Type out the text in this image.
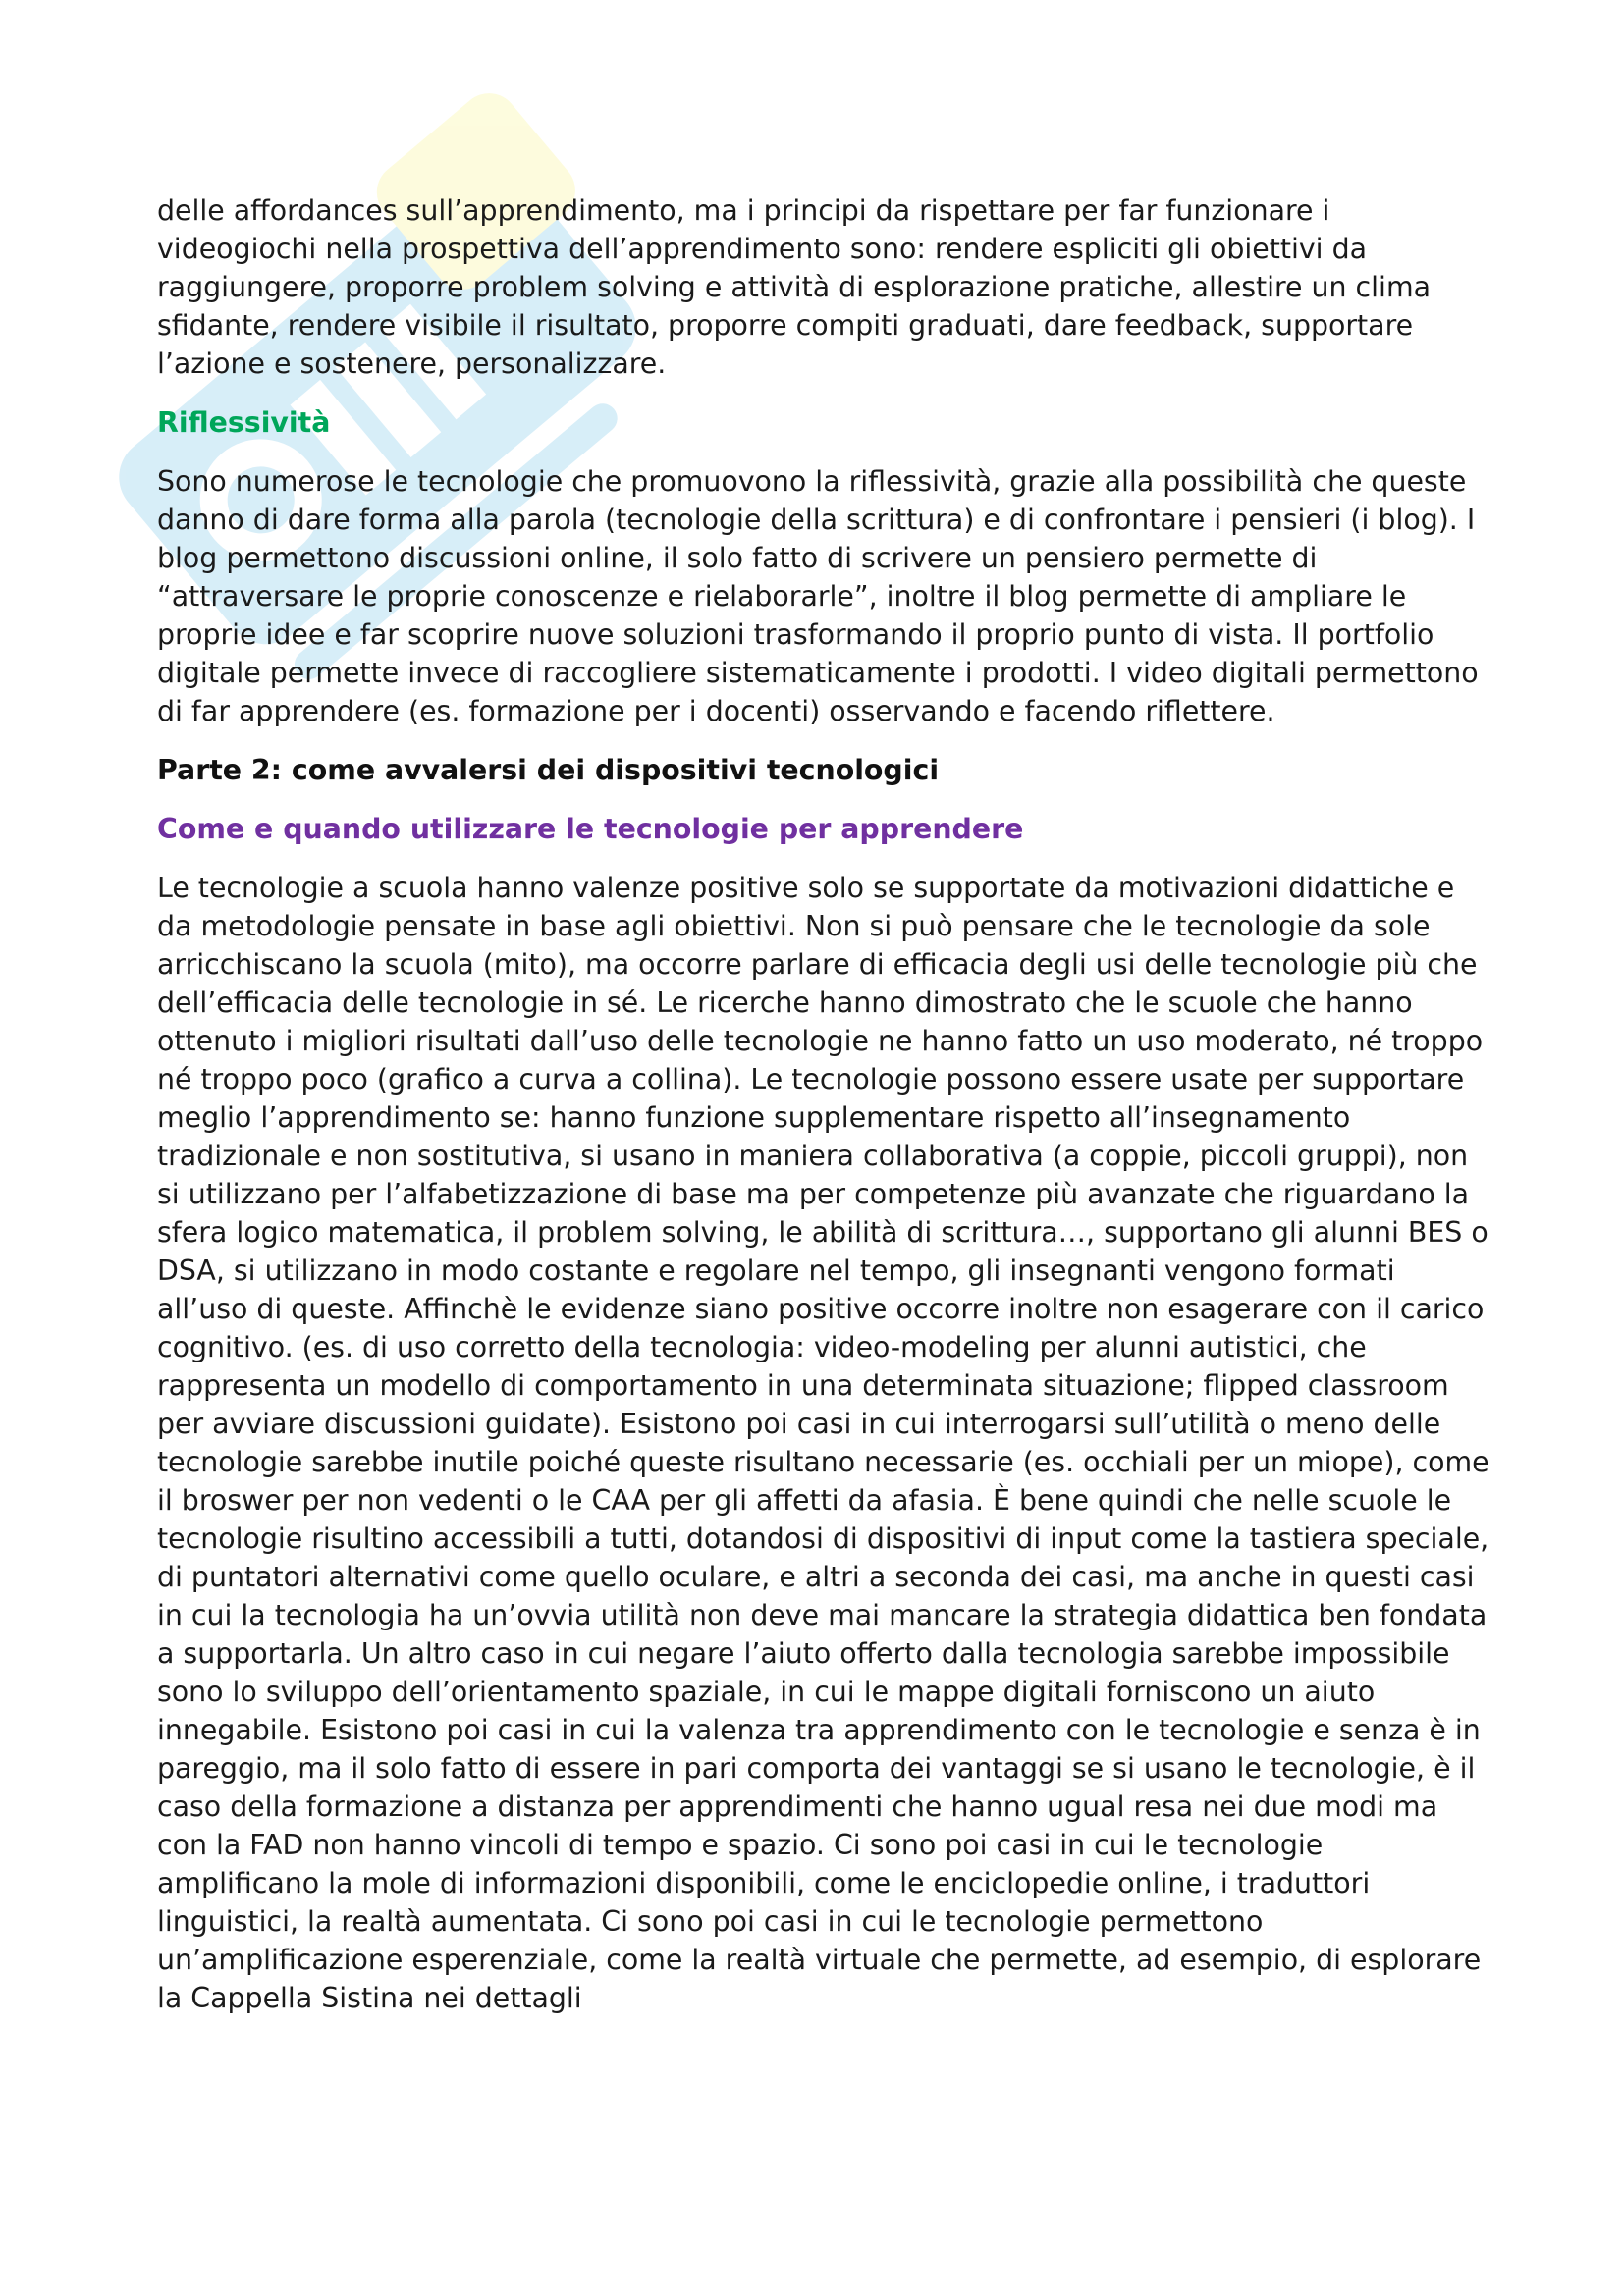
delle affordances sull’apprendimento, ma i principi da rispettare per far funzionare i videogiochi nella prospettiva dell’apprendimento sono: rendere espliciti gli obiettivi da raggiungere, proporre problem solving e attività di esplorazione pratiche, allestire un clima sfidante, rendere visibile il risultato, proporre compiti graduati, dare feedback, supportare l’azione e sostenere, personalizzare.

Riflessività

Sono numerose le tecnologie che promuovono la riflessività, grazie alla possibilità che queste danno di dare forma alla parola (tecnologie della scrittura) e di confrontare i pensieri (i blog). I blog permettono discussioni online, il solo fatto di scrivere un pensiero permette di “attraversare le proprie conoscenze e rielaborarle”, inoltre il blog permette di ampliare le proprie idee e far scoprire nuove soluzioni trasformando il proprio punto di vista. Il portfolio digitale permette invece di raccogliere sistematicamente i prodotti. I video digitali permettono di far apprendere (es. formazione per i docenti) osservando e facendo riflettere.

Parte 2: come avvalersi dei dispositivi tecnologici
Come e quando utilizzare le tecnologie per apprendere

Le tecnologie a scuola hanno valenze positive solo se supportate da motivazioni didattiche e da metodologie pensate in base agli obiettivi. Non si può pensare che le tecnologie da sole arricchiscano la scuola (mito), ma occorre parlare di efficacia degli usi delle tecnologie più che dell’efficacia delle tecnologie in sé. Le ricerche hanno dimostrato che le scuole che hanno ottenuto i migliori risultati dall’uso delle tecnologie ne hanno fatto un uso moderato, né troppo né troppo poco (grafico a curva a collina). Le tecnologie possono essere usate per supportare meglio l’apprendimento se: hanno funzione supplementare rispetto all’insegnamento tradizionale e non sostitutiva, si usano in maniera collaborativa (a coppie, piccoli gruppi), non si utilizzano per l’alfabetizzazione di base ma per competenze più avanzate che riguardano la sfera logico matematica, il problem solving, le abilità di scrittura…, supportano gli alunni BES o DSA, si utilizzano in modo costante e regolare nel tempo, gli insegnanti vengono formati all’uso di queste. Affinchè le evidenze siano positive occorre inoltre non esagerare con il carico cognitivo. (es. di uso corretto della tecnologia: video-modeling per alunni autistici, che rappresenta un modello di comportamento in una determinata situazione; flipped classroom per avviare discussioni guidate). Esistono poi casi in cui interrogarsi sull’utilità o meno delle tecnologie sarebbe inutile poiché queste risultano necessarie (es. occhiali per un miope), come il broswer per non vedenti o le CAA per gli affetti da afasia. È bene quindi che nelle scuole le tecnologie risultino accessibili a tutti, dotandosi di dispositivi di input come la tastiera speciale, di puntatori alternativi come quello oculare, e altri a seconda dei casi, ma anche in questi casi in cui la tecnologia ha un’ovvia utilità non deve mai mancare la strategia didattica ben fondata a supportarla. Un altro caso in cui negare l’aiuto offerto dalla tecnologia sarebbe impossibile sono lo sviluppo dell’orientamento spaziale, in cui le mappe digitali forniscono un aiuto innegabile. Esistono poi casi in cui la valenza tra apprendimento con le tecnologie e senza è in pareggio, ma il solo fatto di essere in pari comporta dei vantaggi se si usano le tecnologie, è il caso della formazione a distanza per apprendimenti che hanno ugual resa nei due modi ma con la FAD non hanno vincoli di tempo e spazio. Ci sono poi casi in cui le tecnologie amplificano la mole di informazioni disponibili, come le enciclopedie online, i traduttori linguistici, la realtà aumentata. Ci sono poi casi in cui le tecnologie permettono un’amplificazione esperenziale, come la realtà virtuale che permette, ad esempio, di esplorare la Cappella Sistina nei dettagli
